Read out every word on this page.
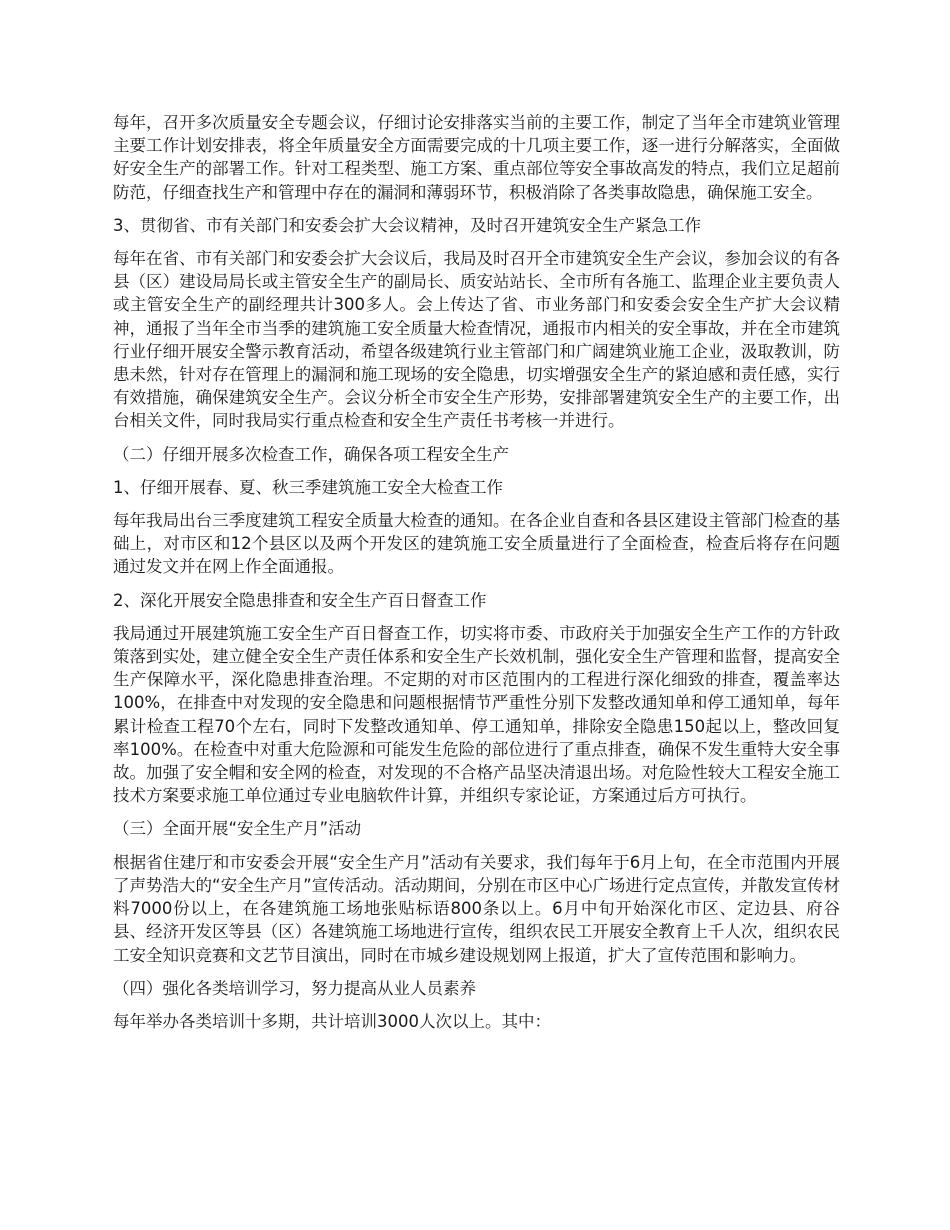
每年，召开多次质量安全专题会议，仔细讨论安排落实当前的主要工作，制定了当年全市建筑业管理主要工作计划安排表，将全年质量安全方面需要完成的十几项主要工作，逐一进行分解落实，全面做好安全生产的部署工作。针对工程类型、施工方案、重点部位等安全事故高发的特点，我们立足超前防范，仔细查找生产和管理中存在的漏洞和薄弱环节，积极消除了各类事故隐患，确保施工安全。

3、贯彻省、市有关部门和安委会扩大会议精神，及时召开建筑安全生产紧急工作

每年在省、市有关部门和安委会扩大会议后，我局及时召开全市建筑安全生产会议，参加会议的有各县（区）建设局局长或主管安全生产的副局长、质安站站长、全市所有各施工、监理企业主要负责人或主管安全生产的副经理共计300多人。会上传达了省、市业务部门和安委会安全生产扩大会议精神，通报了当年全市当季的建筑施工安全质量大检查情况，通报市内相关的安全事故，并在全市建筑行业仔细开展安全警示教育活动，希望各级建筑行业主管部门和广阔建筑业施工企业，汲取教训，防患未然，针对存在管理上的漏洞和施工现场的安全隐患，切实增强安全生产的紧迫感和责任感，实行有效措施，确保建筑安全生产。会议分析全市安全生产形势，安排部署建筑安全生产的主要工作，出台相关文件，同时我局实行重点检查和安全生产责任书考核一并进行。

（二）仔细开展多次检查工作，确保各项工程安全生产

1、仔细开展春、夏、秋三季建筑施工安全大检查工作

每年我局出台三季度建筑工程安全质量大检查的通知。在各企业自查和各县区建设主管部门检查的基础上，对市区和12个县区以及两个开发区的建筑施工安全质量进行了全面检查，检查后将存在问题通过发文并在网上作全面通报。

2、深化开展安全隐患排查和安全生产百日督查工作

我局通过开展建筑施工安全生产百日督查工作，切实将市委、市政府关于加强安全生产工作的方针政策落到实处，建立健全安全生产责任体系和安全生产长效机制，强化安全生产管理和监督，提高安全生产保障水平，深化隐患排查治理。不定期的对市区范围内的工程进行深化细致的排查，覆盖率达100%，在排查中对发现的安全隐患和问题根据情节严重性分别下发整改通知单和停工通知单，每年累计检查工程70个左右，同时下发整改通知单、停工通知单，排除安全隐患150起以上，整改回复率100%。在检查中对重大危险源和可能发生危险的部位进行了重点排查，确保不发生重特大安全事故。加强了安全帽和安全网的检查，对发现的不合格产品坚决清退出场。对危险性较大工程安全施工技术方案要求施工单位通过专业电脑软件计算，并组织专家论证，方案通过后方可执行。

（三）全面开展“安全生产月”活动

根据省住建厅和市安委会开展“安全生产月”活动有关要求，我们每年于6月上旬，在全市范围内开展了声势浩大的“安全生产月”宣传活动。活动期间，分别在市区中心广场进行定点宣传，并散发宣传材料7000份以上，在各建筑施工场地张贴标语800条以上。6月中旬开始深化市区、定边县、府谷县、经济开发区等县（区）各建筑施工场地进行宣传，组织农民工开展安全教育上千人次，组织农民工安全知识竞赛和文艺节目演出，同时在市城乡建设规划网上报道，扩大了宣传范围和影响力。

（四）强化各类培训学习，努力提高从业人员素养

每年举办各类培训十多期，共计培训3000人次以上。其中：
